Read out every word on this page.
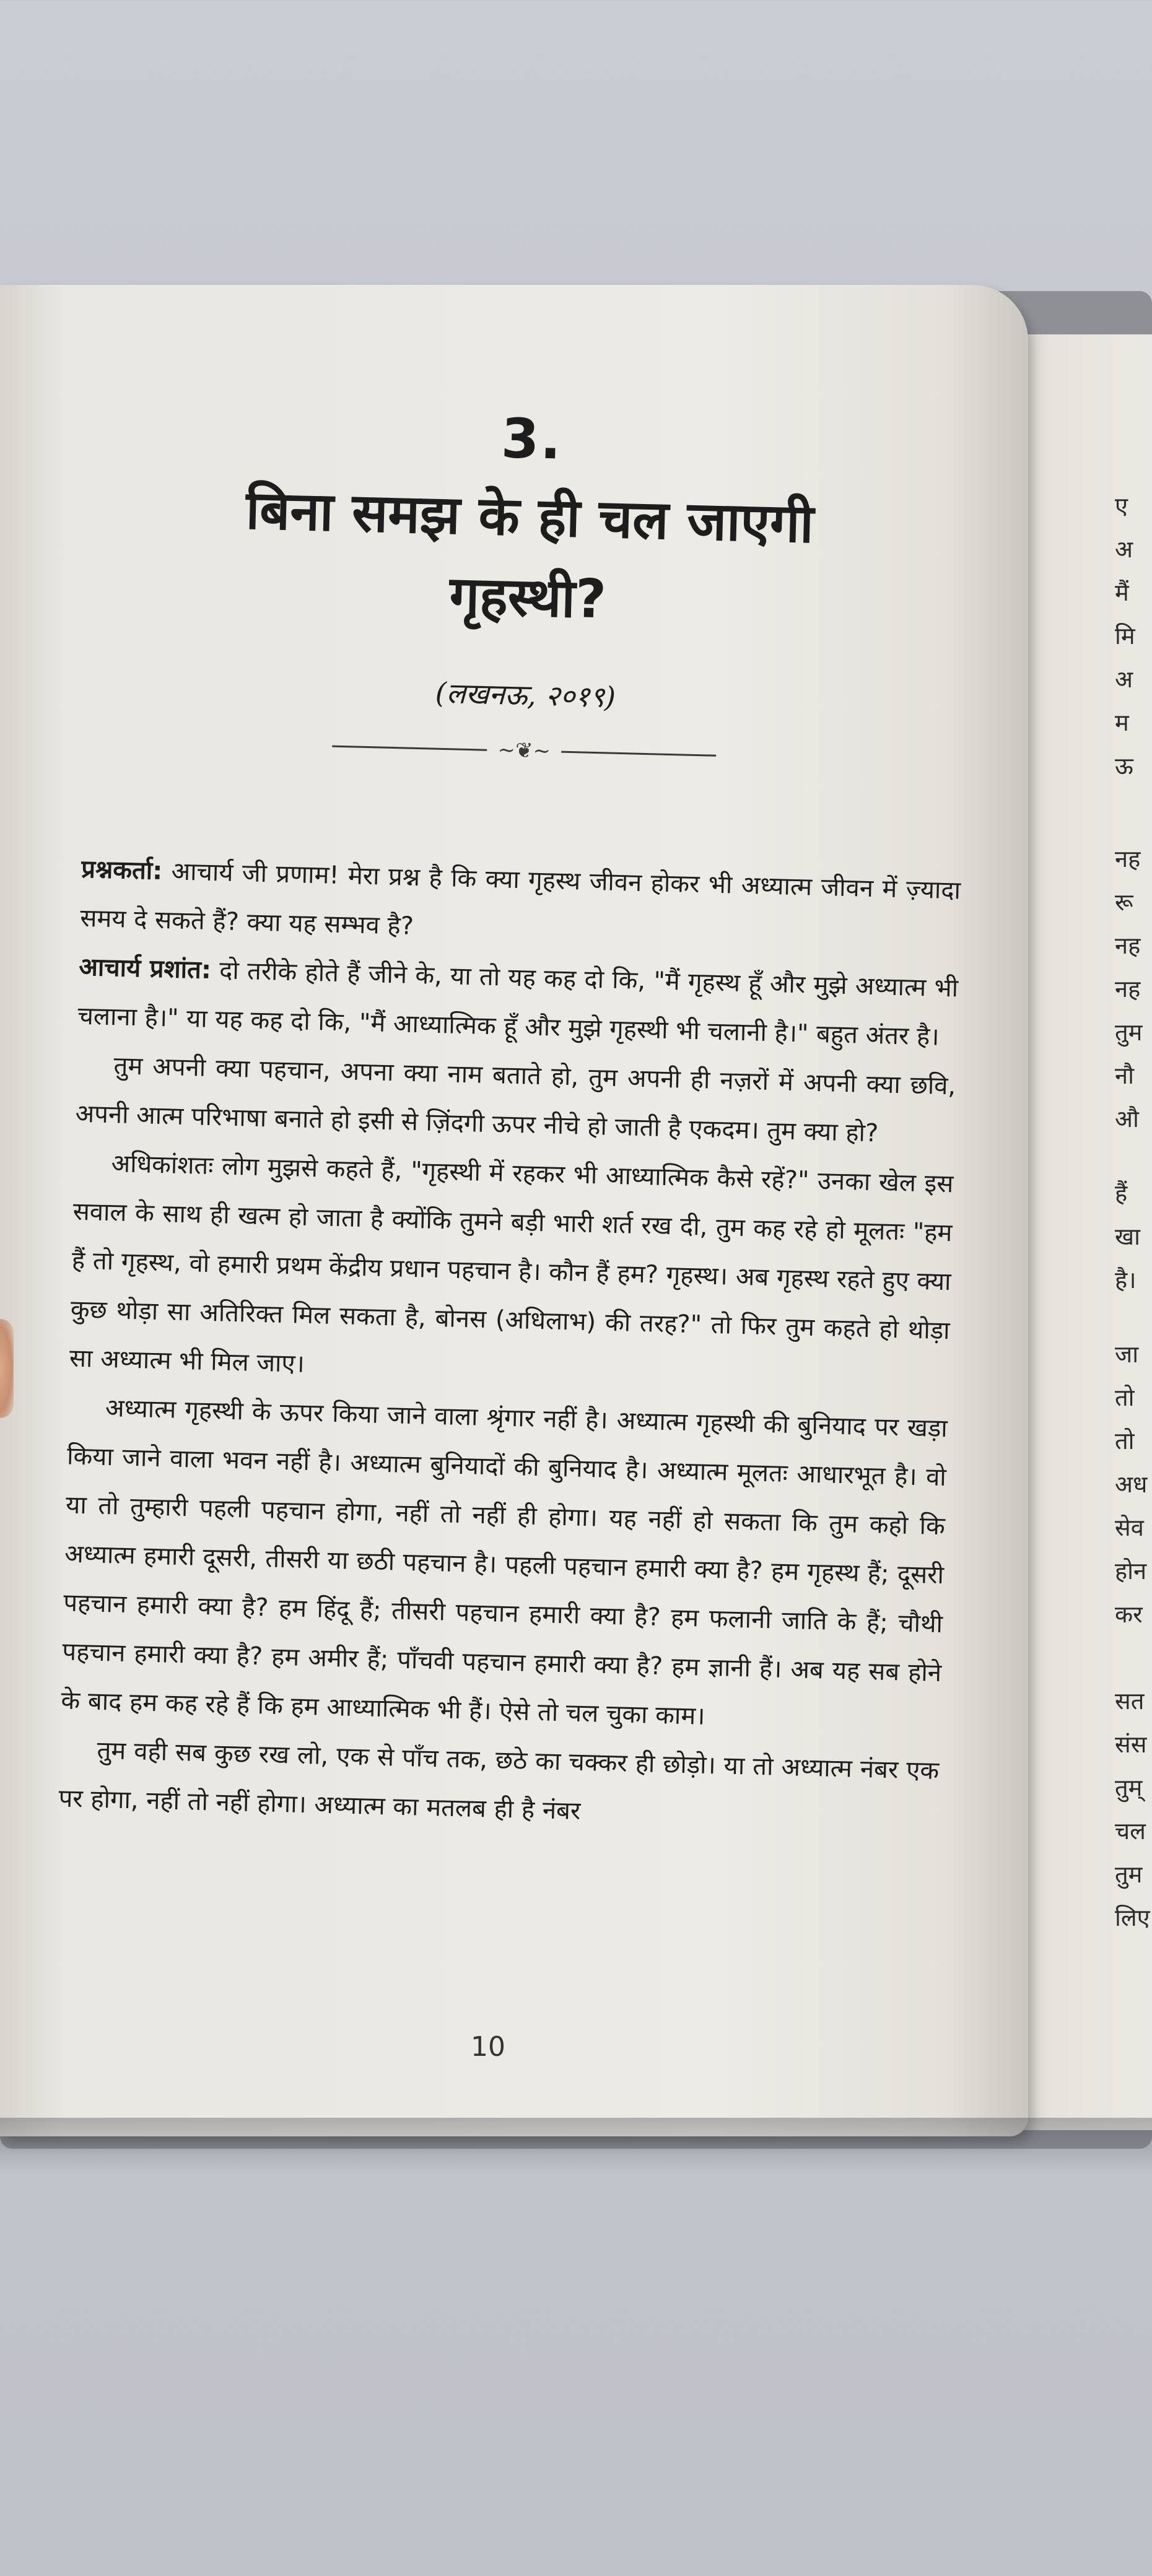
ए
अ
मैं
मि
अ
म
ऊ
नह
रू
नह
नह
तुम
नौ
औ
हैं
खा
है।
जा
तो
तो
अध
सेव
होन
कर
सत
संस
तुम्
चल
तुम
लिए
3.
बिना समझ के ही चल जाएगी
गृहस्थी?
(लखनऊ, २०१९)
~❦~

प्रश्नकर्ता: आचार्य जी प्रणाम! मेरा प्रश्न है कि क्या गृहस्थ जीवन होकर भी अध्यात्म जीवन में ज़्यादा समय दे सकते हैं? क्या यह सम्भव है?

आचार्य प्रशांत: दो तरीके होते हैं जीने के, या तो यह कह दो कि, "मैं गृहस्थ हूँ और मुझे अध्यात्म भी चलाना है।" या यह कह दो कि, "मैं आध्यात्मिक हूँ और मुझे गृहस्थी भी चलानी है।" बहुत अंतर है।

तुम अपनी क्या पहचान, अपना क्या नाम बताते हो, तुम अपनी ही नज़रों में अपनी क्या छवि, अपनी आत्म परिभाषा बनाते हो इसी से ज़िंदगी ऊपर नीचे हो जाती है एकदम। तुम क्या हो?

अधिकांशतः लोग मुझसे कहते हैं, "गृहस्थी में रहकर भी आध्यात्मिक कैसे रहें?" उनका खेल इस सवाल के साथ ही खत्म हो जाता है क्योंकि तुमने बड़ी भारी शर्त रख दी, तुम कह रहे हो मूलतः "हम हैं तो गृहस्थ, वो हमारी प्रथम केंद्रीय प्रधान पहचान है। कौन हैं हम? गृहस्थ। अब गृहस्थ रहते हुए क्या कुछ थोड़ा सा अतिरिक्त मिल सकता है, बोनस (अधिलाभ) की तरह?" तो फिर तुम कहते हो थोड़ा सा अध्यात्म भी मिल जाए।

अध्यात्म गृहस्थी के ऊपर किया जाने वाला श्रृंगार नहीं है। अध्यात्म गृहस्थी की बुनियाद पर खड़ा किया जाने वाला भवन नहीं है। अध्यात्म बुनियादों की बुनियाद है। अध्यात्म मूलतः आधारभूत है। वो या तो तुम्हारी पहली पहचान होगा, नहीं तो नहीं ही होगा। यह नहीं हो सकता कि तुम कहो कि अध्यात्म हमारी दूसरी, तीसरी या छठी पहचान है। पहली पहचान हमारी क्या है? हम गृहस्थ हैं; दूसरी पहचान हमारी क्या है? हम हिंदू हैं; तीसरी पहचान हमारी क्या है? हम फलानी जाति के हैं; चौथी पहचान हमारी क्या है? हम अमीर हैं; पाँचवी पहचान हमारी क्या है? हम ज्ञानी हैं। अब यह सब होने के बाद हम कह रहे हैं कि हम आध्यात्मिक भी हैं। ऐसे तो चल चुका काम।

तुम वही सब कुछ रख लो, एक से पाँच तक, छठे का चक्कर ही छोड़ो। या तो अध्यात्म नंबर एक पर होगा, नहीं तो नहीं होगा। अध्यात्म का मतलब ही है नंबर

10
